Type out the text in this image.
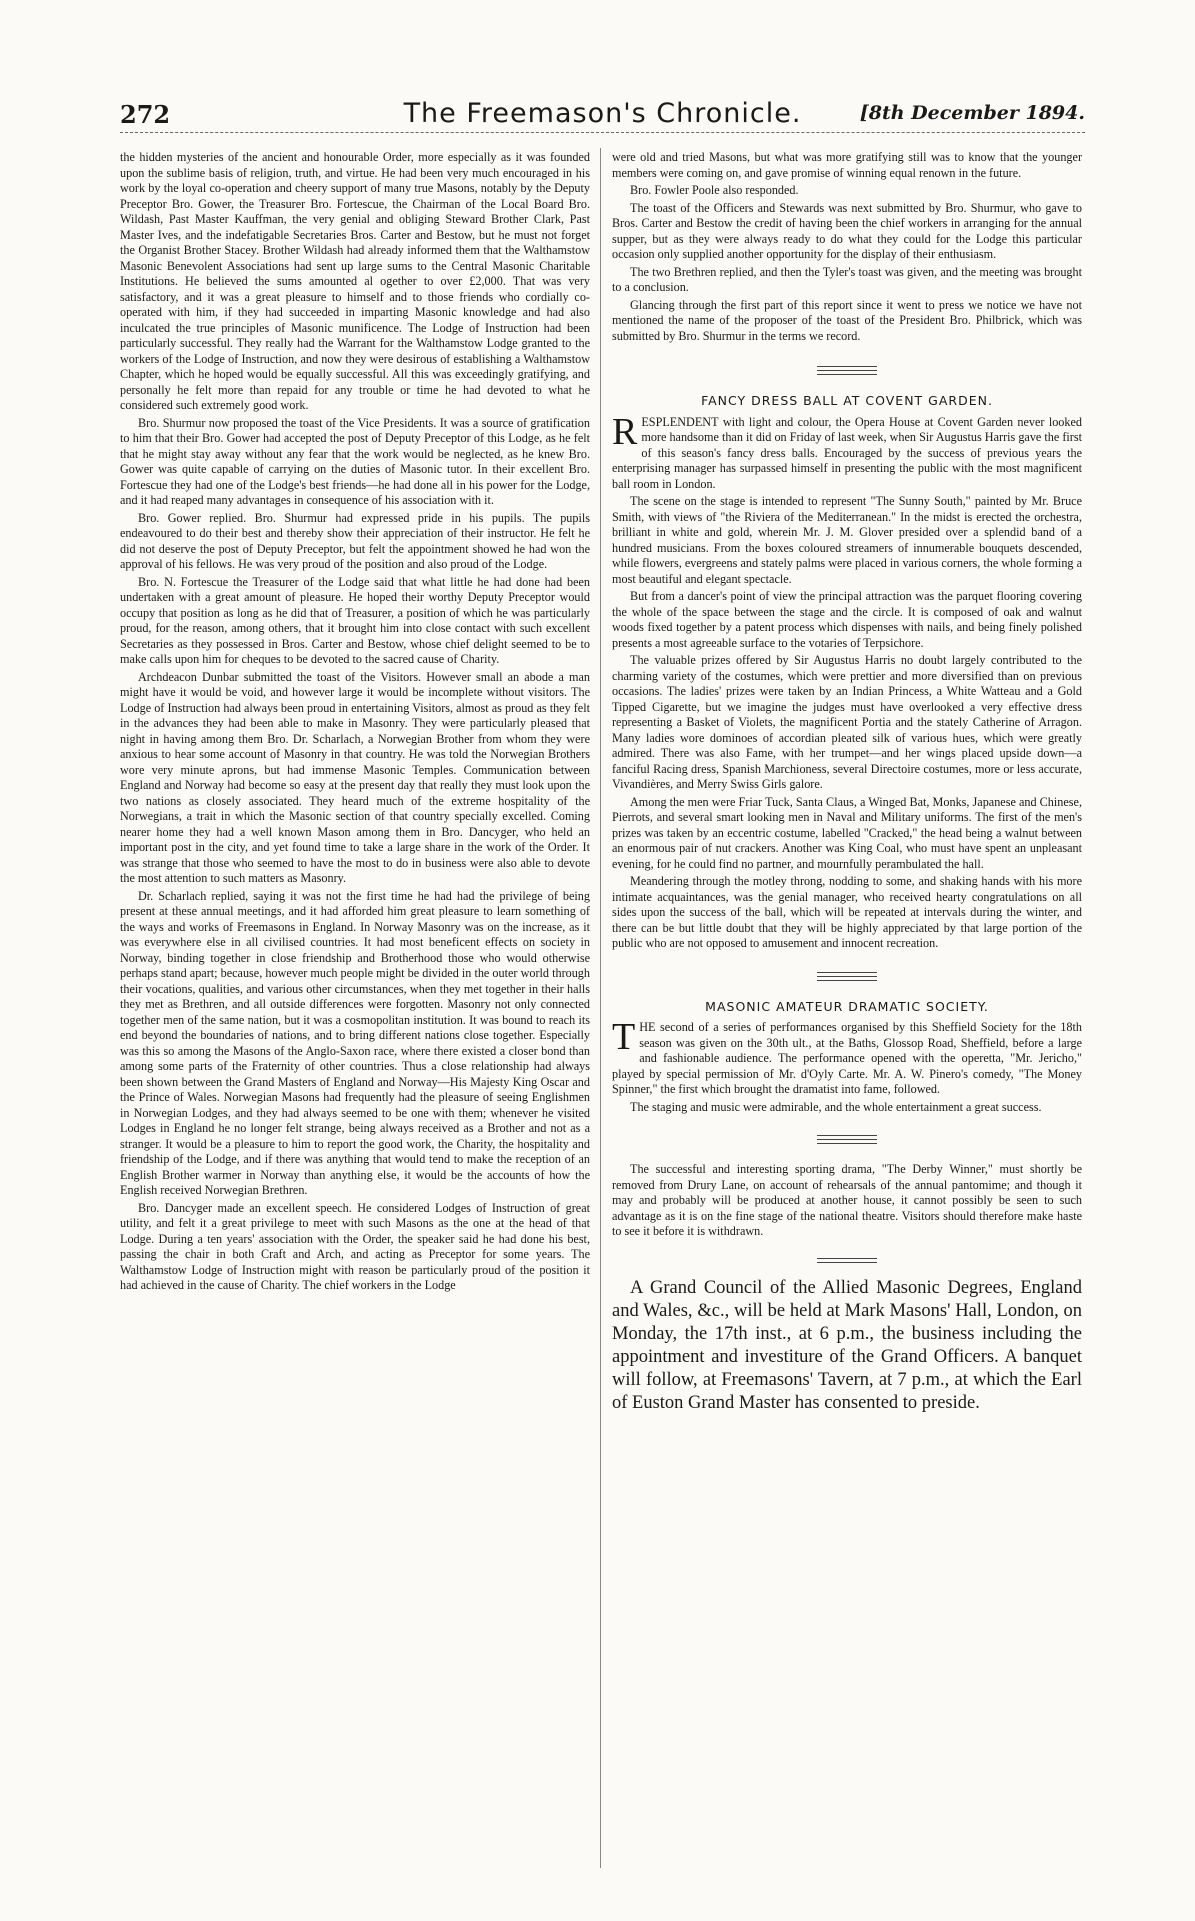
272	The Freemason's Chronicle.	[8th December 1894.

the hidden mysteries of the ancient and honourable Order, more especially as it was founded upon the sublime basis of religion, truth, and virtue. He had been very much encouraged in his work by the loyal co-operation and cheery support of many true Masons, notably by the Deputy Preceptor Bro. Gower, the Treasurer Bro. Fortescue, the Chairman of the Local Board Bro. Wildash, Past Master Kauffman, the very genial and obliging Steward Brother Clark, Past Master Ives, and the indefatigable Secretaries Bros. Carter and Bestow, but he must not forget the Organist Brother Stacey. Brother Wildash had already informed them that the Walthamstow Masonic Benevolent Associations had sent up large sums to the Central Masonic Charitable Institutions. He believed the sums amounted al ogether to over £2,000. That was very satisfactory, and it was a great pleasure to himself and to those friends who cordially co-operated with him, if they had succeeded in imparting Masonic knowledge and had also inculcated the true principles of Masonic munificence. The Lodge of Instruction had been particularly successful. They really had the Warrant for the Walthamstow Lodge granted to the workers of the Lodge of Instruction, and now they were desirous of establishing a Walthamstow Chapter, which he hoped would be equally successful. All this was exceedingly gratifying, and personally he felt more than repaid for any trouble or time he had devoted to what he considered such extremely good work.

Bro. Shurmur now proposed the toast of the Vice Presidents. It was a source of gratification to him that their Bro. Gower had accepted the post of Deputy Preceptor of this Lodge, as he felt that he might stay away without any fear that the work would be neglected, as he knew Bro. Gower was quite capable of carrying on the duties of Masonic tutor. In their excellent Bro. Fortescue they had one of the Lodge's best friends—he had done all in his power for the Lodge, and it had reaped many advantages in consequence of his association with it.

Bro. Gower replied. Bro. Shurmur had expressed pride in his pupils. The pupils endeavoured to do their best and thereby show their appreciation of their instructor. He felt he did not deserve the post of Deputy Preceptor, but felt the appointment showed he had won the approval of his fellows. He was very proud of the position and also proud of the Lodge.

Bro. N. Fortescue the Treasurer of the Lodge said that what little he had done had been undertaken with a great amount of pleasure. He hoped their worthy Deputy Preceptor would occupy that position as long as he did that of Treasurer, a position of which he was particularly proud, for the reason, among others, that it brought him into close contact with such excellent Secretaries as they possessed in Bros. Carter and Bestow, whose chief delight seemed to be to make calls upon him for cheques to be devoted to the sacred cause of Charity.

Archdeacon Dunbar submitted the toast of the Visitors. However small an abode a man might have it would be void, and however large it would be incomplete without visitors. The Lodge of Instruction had always been proud in entertaining Visitors, almost as proud as they felt in the advances they had been able to make in Masonry. They were particularly pleased that night in having among them Bro. Dr. Scharlach, a Norwegian Brother from whom they were anxious to hear some account of Masonry in that country. He was told the Norwegian Brothers wore very minute aprons, but had immense Masonic Temples. Communication between England and Norway had become so easy at the present day that really they must look upon the two nations as closely associated. They heard much of the extreme hospitality of the Norwegians, a trait in which the Masonic section of that country specially excelled. Coming nearer home they had a well known Mason among them in Bro. Dancyger, who held an important post in the city, and yet found time to take a large share in the work of the Order. It was strange that those who seemed to have the most to do in business were also able to devote the most attention to such matters as Masonry.

Dr. Scharlach replied, saying it was not the first time he had had the privilege of being present at these annual meetings, and it had afforded him great pleasure to learn something of the ways and works of Freemasons in England. In Norway Masonry was on the increase, as it was everywhere else in all civilised countries. It had most beneficent effects on society in Norway, binding together in close friendship and Brotherhood those who would otherwise perhaps stand apart; because, however much people might be divided in the outer world through their vocations, qualities, and various other circumstances, when they met together in their halls they met as Brethren, and all outside differences were forgotten. Masonry not only connected together men of the same nation, but it was a cosmopolitan institution. It was bound to reach its end beyond the boundaries of nations, and to bring different nations close together. Especially was this so among the Masons of the Anglo-Saxon race, where there existed a closer bond than among some parts of the Fraternity of other countries. Thus a close relationship had always been shown between the Grand Masters of England and Norway—His Majesty King Oscar and the Prince of Wales. Norwegian Masons had frequently had the pleasure of seeing Englishmen in Norwegian Lodges, and they had always seemed to be one with them; whenever he visited Lodges in England he no longer felt strange, being always received as a Brother and not as a stranger. It would be a pleasure to him to report the good work, the Charity, the hospitality and friendship of the Lodge, and if there was anything that would tend to make the reception of an English Brother warmer in Norway than anything else, it would be the accounts of how the English received Norwegian Brethren.

Bro. Dancyger made an excellent speech. He considered Lodges of Instruction of great utility, and felt it a great privilege to meet with such Masons as the one at the head of that Lodge. During a ten years' association with the Order, the speaker said he had done his best, passing the chair in both Craft and Arch, and acting as Preceptor for some years. The Walthamstow Lodge of Instruction might with reason be particularly proud of the position it had achieved in the cause of Charity. The chief workers in the Lodge

were old and tried Masons, but what was more gratifying still was to know that the younger members were coming on, and gave promise of winning equal renown in the future.

Bro. Fowler Poole also responded.

The toast of the Officers and Stewards was next submitted by Bro. Shurmur, who gave to Bros. Carter and Bestow the credit of having been the chief workers in arranging for the annual supper, but as they were always ready to do what they could for the Lodge this particular occasion only supplied another opportunity for the display of their enthusiasm.

The two Brethren replied, and then the Tyler's toast was given, and the meeting was brought to a conclusion.

Glancing through the first part of this report since it went to press we notice we have not mentioned the name of the proposer of the toast of the President Bro. Philbrick, which was submitted by Bro. Shurmur in the terms we record.

FANCY DRESS BALL AT COVENT GARDEN.

RESPLENDENT with light and colour, the Opera House at Covent Garden never looked more handsome than it did on Friday of last week, when Sir Augustus Harris gave the first of this season's fancy dress balls. Encouraged by the success of previous years the enterprising manager has surpassed himself in presenting the public with the most magnificent ball room in London.

The scene on the stage is intended to represent "The Sunny South," painted by Mr. Bruce Smith, with views of "the Riviera of the Mediterranean." In the midst is erected the orchestra, brilliant in white and gold, wherein Mr. J. M. Glover presided over a splendid band of a hundred musicians. From the boxes coloured streamers of innumerable bouquets descended, while flowers, evergreens and stately palms were placed in various corners, the whole forming a most beautiful and elegant spectacle.

But from a dancer's point of view the principal attraction was the parquet flooring covering the whole of the space between the stage and the circle. It is composed of oak and walnut woods fixed together by a patent process which dispenses with nails, and being finely polished presents a most agreeable surface to the votaries of Terpsichore.

The valuable prizes offered by Sir Augustus Harris no doubt largely contributed to the charming variety of the costumes, which were prettier and more diversified than on previous occasions. The ladies' prizes were taken by an Indian Princess, a White Watteau and a Gold Tipped Cigarette, but we imagine the judges must have overlooked a very effective dress representing a Basket of Violets, the magnificent Portia and the stately Catherine of Arragon. Many ladies wore dominoes of accordian pleated silk of various hues, which were greatly admired. There was also Fame, with her trumpet—and her wings placed upside down—a fanciful Racing dress, Spanish Marchioness, several Directoire costumes, more or less accurate, Vivandières, and Merry Swiss Girls galore.

Among the men were Friar Tuck, Santa Claus, a Winged Bat, Monks, Japanese and Chinese, Pierrots, and several smart looking men in Naval and Military uniforms. The first of the men's prizes was taken by an eccentric costume, labelled "Cracked," the head being a walnut between an enormous pair of nut crackers. Another was King Coal, who must have spent an unpleasant evening, for he could find no partner, and mournfully perambulated the hall.

Meandering through the motley throng, nodding to some, and shaking hands with his more intimate acquaintances, was the genial manager, who received hearty congratulations on all sides upon the success of the ball, which will be repeated at intervals during the winter, and there can be but little doubt that they will be highly appreciated by that large portion of the public who are not opposed to amusement and innocent recreation.

MASONIC AMATEUR DRAMATIC SOCIETY.

THE second of a series of performances organised by this Sheffield Society for the 18th season was given on the 30th ult., at the Baths, Glossop Road, Sheffield, before a large and fashionable audience. The performance opened with the operetta, "Mr. Jericho," played by special permission of Mr. d'Oyly Carte. Mr. A. W. Pinero's comedy, "The Money Spinner," the first which brought the dramatist into fame, followed.

The staging and music were admirable, and the whole entertainment a great success.

The successful and interesting sporting drama, "The Derby Winner," must shortly be removed from Drury Lane, on account of rehearsals of the annual pantomime; and though it may and probably will be produced at another house, it cannot possibly be seen to such advantage as it is on the fine stage of the national theatre. Visitors should therefore make haste to see it before it is withdrawn.

A Grand Council of the Allied Masonic Degrees, England and Wales, &c., will be held at Mark Masons' Hall, London, on Monday, the 17th inst., at 6 p.m., the business including the appointment and investiture of the Grand Officers. A banquet will follow, at Freemasons' Tavern, at 7 p.m., at which the Earl of Euston Grand Master has consented to preside.
